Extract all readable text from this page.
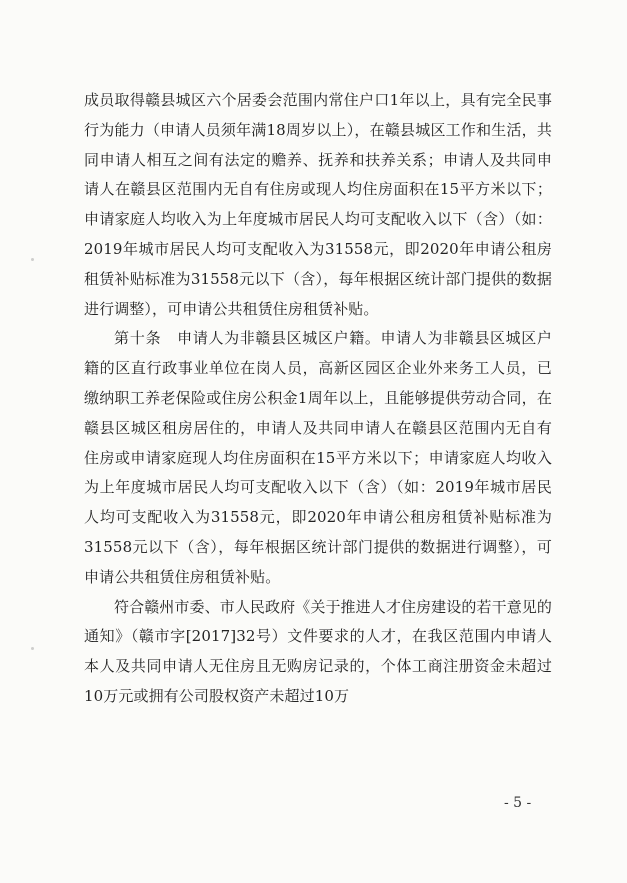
成员取得赣县城区六个居委会范围内常住户口1年以上，具有完全民事行为能力（申请人员须年满18周岁以上），在赣县城区工作和生活，共同申请人相互之间有法定的赡养、抚养和扶养关系；申请人及共同申请人在赣县区范围内无自有住房或现人均住房面积在15平方米以下；申请家庭人均收入为上年度城市居民人均可支配收入以下（含）（如：2019年城市居民人均可支配收入为31558元，即2020年申请公租房租赁补贴标准为31558元以下（含），每年根据区统计部门提供的数据进行调整），可申请公共租赁住房租赁补贴。

第十条  申请人为非赣县区城区户籍。申请人为非赣县区城区户籍的区直行政事业单位在岗人员，高新区园区企业外来务工人员，已缴纳职工养老保险或住房公积金1周年以上，且能够提供劳动合同，在赣县区城区租房居住的，申请人及共同申请人在赣县区范围内无自有住房或申请家庭现人均住房面积在15平方米以下；申请家庭人均收入为上年度城市居民人均可支配收入以下（含）（如：2019年城市居民人均可支配收入为31558元，即2020年申请公租房租赁补贴标准为31558元以下（含），每年根据区统计部门提供的数据进行调整），可申请公共租赁住房租赁补贴。

符合赣州市委、市人民政府《关于推进人才住房建设的若干意见的通知》（赣市字[2017]32号）文件要求的人才，在我区范围内申请人本人及共同申请人无住房且无购房记录的，个体工商注册资金未超过10万元或拥有公司股权资产未超过10万

- 5 -
